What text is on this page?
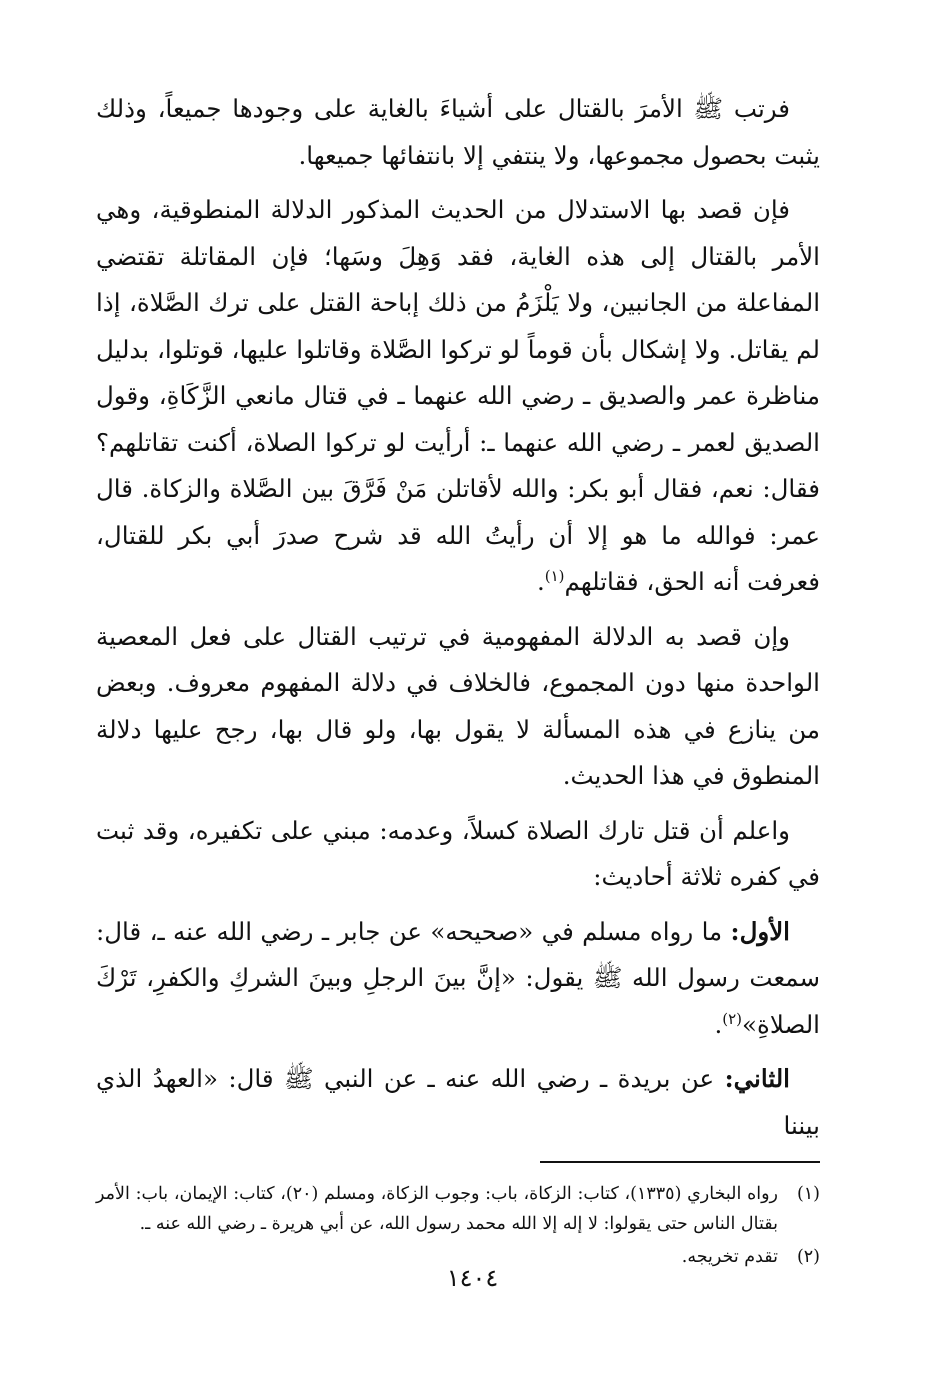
فرتب ﷺ الأمرَ بالقتال على أشياءَ بالغاية على وجودها جميعاً، وذلك يثبت بحصول مجموعها، ولا ينتفي إلا بانتفائها جميعها.

فإن قصد بها الاستدلال من الحديث المذكور الدلالة المنطوقية، وهي الأمر بالقتال إلى هذه الغاية، فقد وَهِلَ وسَها؛ فإن المقاتلة تقتضي المفاعلة من الجانبين، ولا يَلْزَمُ من ذلك إباحة القتل على ترك الصَّلاة، إذا لم يقاتل. ولا إشكال بأن قوماً لو تركوا الصَّلاة وقاتلوا عليها، قوتلوا، بدليل مناظرة عمر والصديق ـ رضي الله عنهما ـ في قتال مانعي الزَّكَاةِ، وقول الصديق لعمر ـ رضي الله عنهما ـ: أرأيت لو تركوا الصلاة، أكنت تقاتلهم؟ فقال: نعم، فقال أبو بكر: والله لأقاتلن مَنْ فَرَّقَ بين الصَّلاة والزكاة. قال عمر: فوالله ما هو إلا أن رأيتُ الله قد شرح صدرَ أبي بكر للقتال، فعرفت أنه الحق، فقاتلهم$^{(١)}$.

وإن قصد به الدلالة المفهومية في ترتيب القتال على فعل المعصية الواحدة منها دون المجموع، فالخلاف في دلالة المفهوم معروف. وبعض من ينازع في هذه المسألة لا يقول بها، ولو قال بها، رجح عليها دلالة المنطوق في هذا الحديث.

واعلم أن قتل تارك الصلاة كسلاً، وعدمه: مبني على تكفيره، وقد ثبت في كفره ثلاثة أحاديث:

الأول: ما رواه مسلم في «صحيحه» عن جابر ـ رضي الله عنه ـ، قال: سمعت رسول الله ﷺ يقول: «إنَّ بينَ الرجلِ وبينَ الشركِ والكفرِ، تَرْكَ الصلاةِ»$^{(٢)}$.

الثاني: عن بريدة ـ رضي الله عنه ـ عن النبي ﷺ قال: «العهدُ الذي بيننا

(١)
رواه البخاري (١٣٣٥)، كتاب: الزكاة، باب: وجوب الزكاة، ومسلم (٢٠)، كتاب: الإيمان، باب: الأمر بقتال الناس حتى يقولوا: لا إله إلا الله محمد رسول الله، عن أبي هريرة ـ رضي الله عنه ـ.
(٢)
تقدم تخريجه.
١٤٠٤
